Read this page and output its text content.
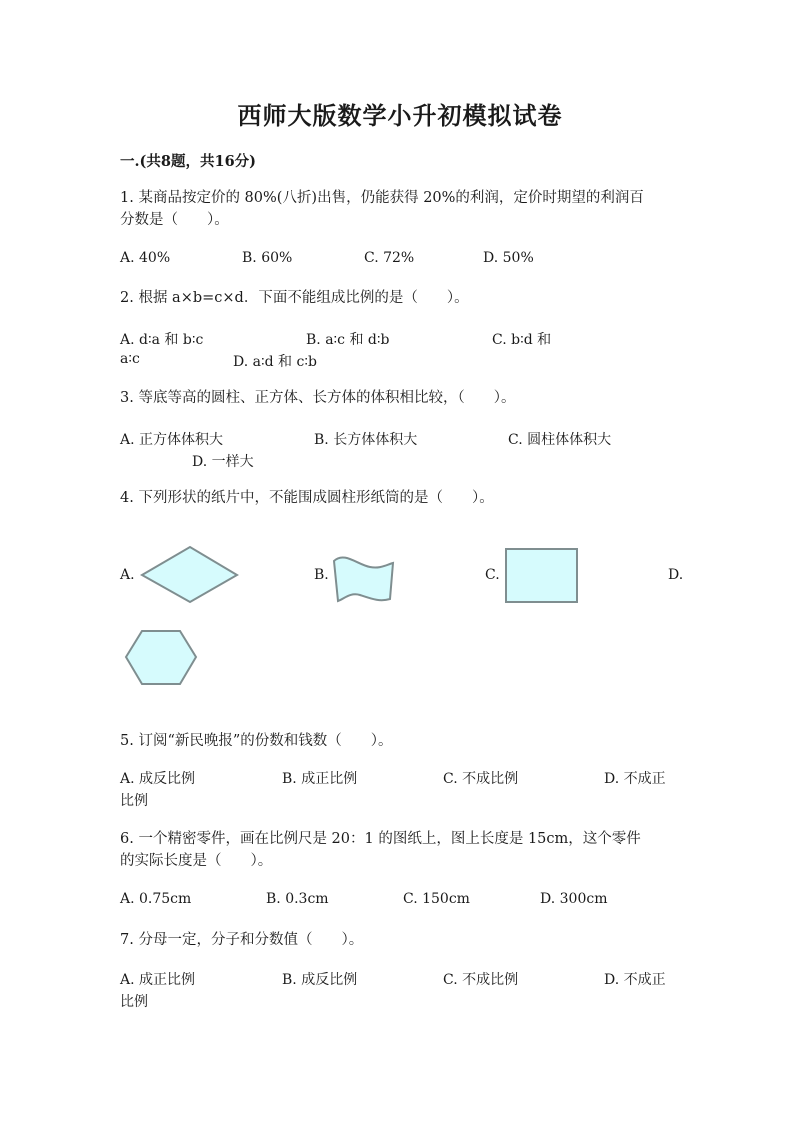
西师大版数学小升初模拟试卷
一.(共8题，共16分)
1. 某商品按定价的 80%(八折)出售，仍能获得 20%的利润，定价时期望的利润百
分数是（　　）。
A. 40%	B. 60%	C. 72%	D. 50%
2. 根据 a×b=c×d．下面不能组成比例的是（　　）。
A. d∶a 和 b∶c	B. a∶c 和 d∶b	C. b∶d 和
a∶c	D. a∶d 和 c∶b
3. 等底等高的圆柱、正方体、长方体的体积相比较，（　　）。
A. 正方体体积大	B. 长方体体积大	C. 圆柱体体积大
D. 一样大
4. 下列形状的纸片中，不能围成圆柱形纸筒的是（　　）。
A.	B.	C.	D.
5. 订阅“新民晚报”的份数和钱数（　　）。
A. 成反比例	B. 成正比例	C. 不成比例	D. 不成正
比例
6. 一个精密零件，画在比例尺是 20：1 的图纸上，图上长度是 15cm，这个零件
的实际长度是（　　）。
A. 0.75cm	B. 0.3cm	C. 150cm	D. 300cm
7. 分母一定，分子和分数值（　　）。
A. 成正比例	B. 成反比例	C. 不成比例	D. 不成正
比例
